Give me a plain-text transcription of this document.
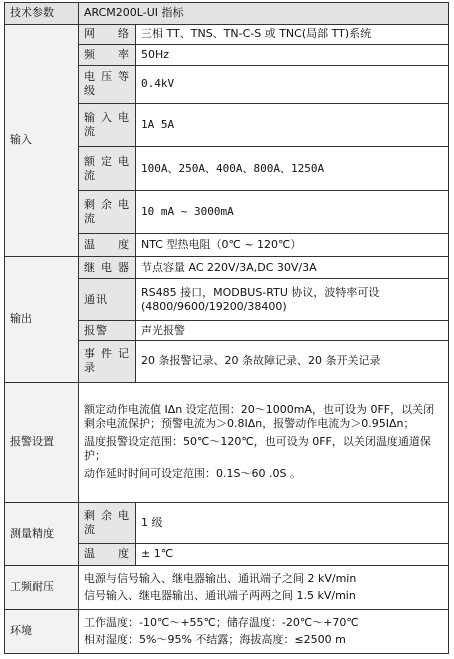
技术参数	ARCM200L-UI 指标	
输入	网络	三相 TT、TNS、TN-C-S 或 TNC(局部 TT)系统

	频率	50Hz

	电压等级	0.4kV

	输入电流	1A 5A

	额定电流	100A、250A、400A、800A、1250A

	剩余电流	10 mA ~ 3000mA

	温度	NTC 型热电阻（0℃ ~ 120℃）
输出	继电器	节点容量 AC 220V/3A,DC 30V/3A

	通讯	RS485 接口，MODBUS-RTU 协议，波特率可设(4800/9600/19200/38400)

	报警	声光报警

	事件记录	20 条报警记录、20 条故障记录、20 条开关记录
报警设置	额定动作电流值 IΔn 设定范围：20～1000mA，也可设为 0FF，以关闭剩余电流保护；预警电流为＞0.8IΔn，报警动作电流为＞0.95IΔn；
温度报警设定范围：50℃～120℃，也可设为 0FF，以关闭温度通道保护；
动作延时时间可设定范围：0.1S～60 .0S 。	

测量精度	剩余电流	1 级

	温度	± 1℃
工频耐压	电源与信号输入、继电器输出、通讯端子之间 2 kV/min
信号输入、继电器输出、通讯端子两两之间 1.5 kV/min	

环境	工作温度：-10℃～+55℃；储存温度：-20℃～+70℃
相对湿度：5%～95% 不结露；海拔高度：≤2500 m	
